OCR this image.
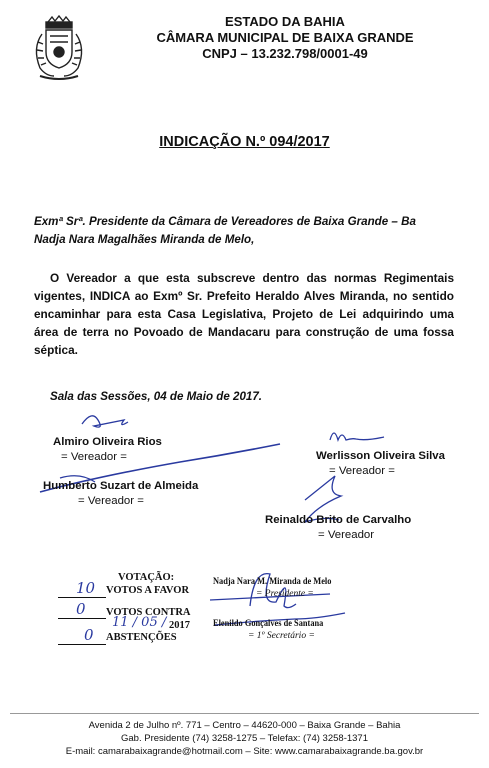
ESTADO DA BAHIA
CÂMARA MUNICIPAL DE BAIXA GRANDE
CNPJ – 13.232.798/0001-49
INDICAÇÃO N.º 094/2017
Exmª Srª. Presidente da Câmara de Vereadores de Baixa Grande – Ba
Nadja Nara Magalhães Miranda de Melo,

O Vereador a que esta subscreve dentro das normas Regimentais vigentes, INDICA ao Exmº Sr. Prefeito Heraldo Alves Miranda, no sentido encaminhar para esta Casa Legislativa, Projeto de Lei adquirindo uma área de terra no Povoado de Mandacaru para construção de uma fossa séptica.

Sala das Sessões, 04 de Maio de 2017.
Almiro Oliveira Rios
= Vereador =	Werlisson Oliveira Silva
= Vereador =
Humberto Suzart de Almeida
= Vereador =
Reinaldo Brito de Carvalho
= Vereador
VOTAÇÃO:
10 VOTOS A FAVOR
0 VOTOS CONTRA
11 / 05 / 2017
0 ABSTENÇÕES
Nadja Nara M. Miranda de Melo
= Presidente =
Elenildo Gonçalves de Santana
= 1º Secretário =
Avenida 2 de Julho nº. 771 – Centro – 44620-000 – Baixa Grande – Bahia
Gab. Presidente (74) 3258-1275 – Telefax: (74) 3258-1371
E-mail: camarabaixagrande@hotmail.com – Site: www.camarabaixagrande.ba.gov.br
